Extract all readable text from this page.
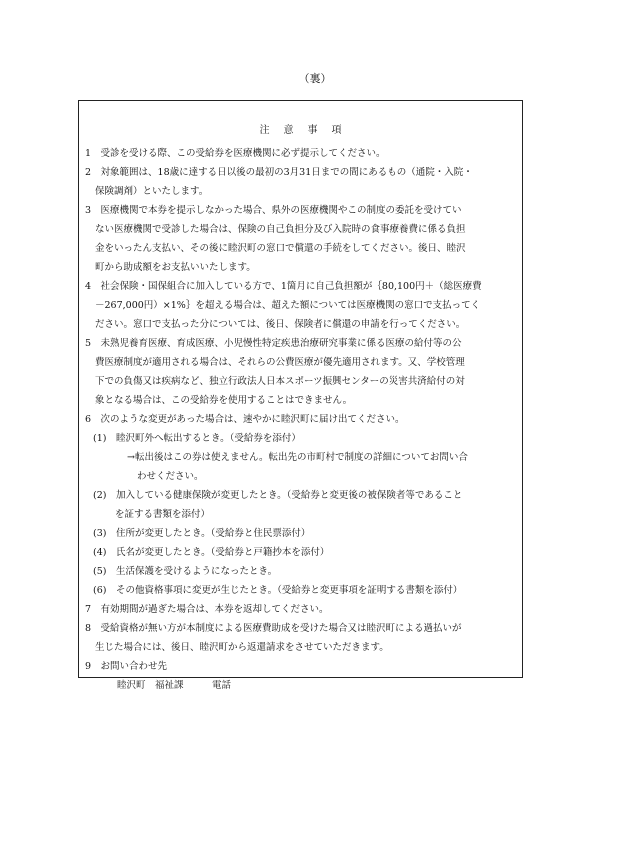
（裏）
注意事項
1　受診を受ける際、この受給券を医療機関に必ず提示してください。
2　対象範囲は、18歳に達する日以後の最初の3月31日までの間にあるもの（通院・入院・
保険調剤）といたします。
3　医療機関で本券を提示しなかった場合、県外の医療機関やこの制度の委託を受けてい
ない医療機関で受診した場合は、保険の自己負担分及び入院時の食事療養費に係る負担
金をいったん支払い、その後に睦沢町の窓口で償還の手続をしてください。後日、睦沢
町から助成額をお支払いいたします。
4　社会保険・国保組合に加入している方で、1箇月に自己負担額が｛80,100円＋（総医療費
－267,000円）×1%｝を超える場合は、超えた額については医療機関の窓口で支払ってく
ださい。窓口で支払った分については、後日、保険者に償還の申請を行ってください。
5　未熟児養育医療、育成医療、小児慢性特定疾患治療研究事業に係る医療の給付等の公
費医療制度が適用される場合は、それらの公費医療が優先適用されます。又、学校管理
下での負傷又は疾病など、独立行政法人日本スポーツ振興センターの災害共済給付の対
象となる場合は、この受給券を使用することはできません。
6　次のような変更があった場合は、速やかに睦沢町に届け出てください。
(1)　睦沢町外へ転出するとき。（受給券を添付）
→転出後はこの券は使えません。転出先の市町村で制度の詳細についてお問い合
わせください。
(2)　加入している健康保険が変更したとき。（受給券と変更後の被保険者等であること
を証する書類を添付）
(3)　住所が変更したとき。（受給券と住民票添付）
(4)　氏名が変更したとき。（受給券と戸籍抄本を添付）
(5)　生活保護を受けるようになったとき。
(6)　その他資格事項に変更が生じたとき。（受給券と変更事項を証明する書類を添付）
7　有効期間が過ぎた場合は、本券を返却してください。
8　受給資格が無い方が本制度による医療費助成を受けた場合又は睦沢町による過払いが
生じた場合には、後日、睦沢町から返還請求をさせていただきます。
9　お問い合わせ先
睦沢町　福祉課　　　電話
